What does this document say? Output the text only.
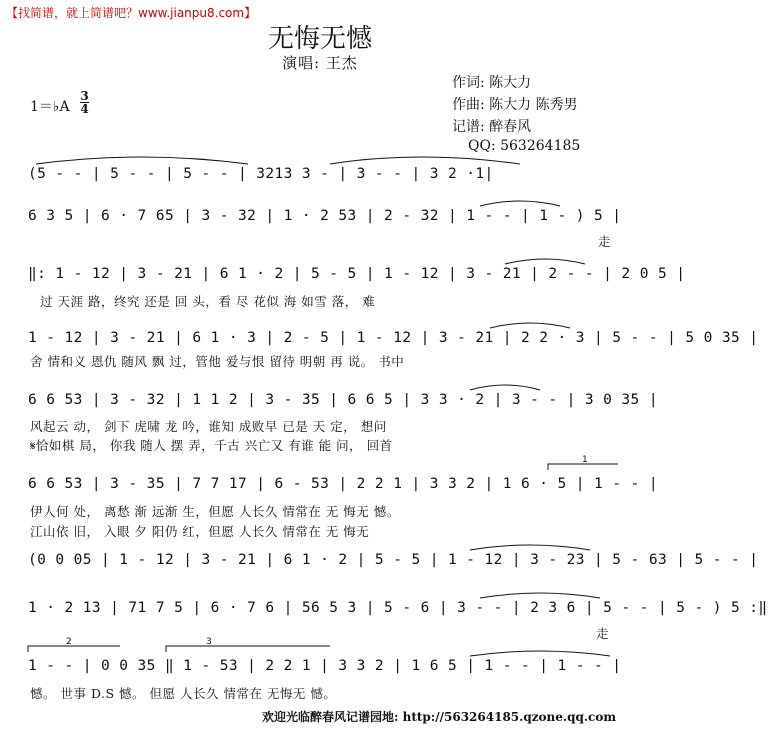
【找简谱，就上简谱吧？www.jianpu8.com】
无悔无憾
演唱: 王杰
作词: 陈大力
作曲: 陈大力 陈秀男
记谱: 醉春风
QQ: 563264185
1＝♭A
3
4
(5 - - | 5 - - | 5 - - | 3213 3 - | 3 - - | 3 2 ·1|
6 3 5 | 6 · 7 65 | 3 - 32 | 1 · 2 53 | 2 - 32 | 1 - - | 1 - ) 5 |
走
‖: 1 - 12 | 3 - 21 | 6 1 · 2 | 5 - 5 | 1 - 12 | 3 - 21 | 2 - - | 2 0 5 |
过 天涯 路，终究 还是 回 头，看 尽 花似 海 如雪 落， 难
1 - 12 | 3 - 21 | 6 1 · 3 | 2 - 5 | 1 - 12 | 3 - 21 | 2 2 · 3 | 5 - - | 5 0 35 |
舍 情和义 恩仇 随风 飘 过，管他 爱与恨 留待 明朝 再 说。 书中
6 6 53 | 3 - 32 | 1 1 2 | 3 - 35 | 6 6 5 | 3 3 · 2 | 3 - - | 3 0 35 |
风起云 动， 剑下 虎啸 龙 吟，谁知 成败早 已是 天 定， 想问
𝄋恰如棋 局， 你我 随人 摆 弄，千古 兴亡又 有谁 能 问， 回首
6 6 53 | 3 - 35 | 7 7 17 | 6 - 53 | 2 2 1 | 3 3 2 | 1 6 · 5 | 1 - - |
伊人何 处， 离愁 渐 远渐 生，但愿 人长久 情常在 无 悔无 憾。
江山依 旧， 入眼 夕 阳仍 红，但愿 人长久 情常在 无 悔无
(0 0 05 | 1 - 12 | 3 - 21 | 6 1 · 2 | 5 - 5 | 1 - 12 | 3 - 23 | 5 - 63 | 5 - - |
1 · 2 13 | 71 7 5 | 6 · 7 6 | 56 5 3 | 5 - 6 | 3 - - | 2 3 6 | 5 - - | 5 - ) 5 :‖
走
1 - - | 0 0 35 ‖ 1 - 53 | 2 2 1 | 3 3 2 | 1 6 5 | 1 - - | 1 - - |
憾。 世事 D.S 憾。 但愿 人长久 情常在 无悔无 憾。
欢迎光临醉春风记谱园地: http://563264185.qzone.qq.com
1
2	3
